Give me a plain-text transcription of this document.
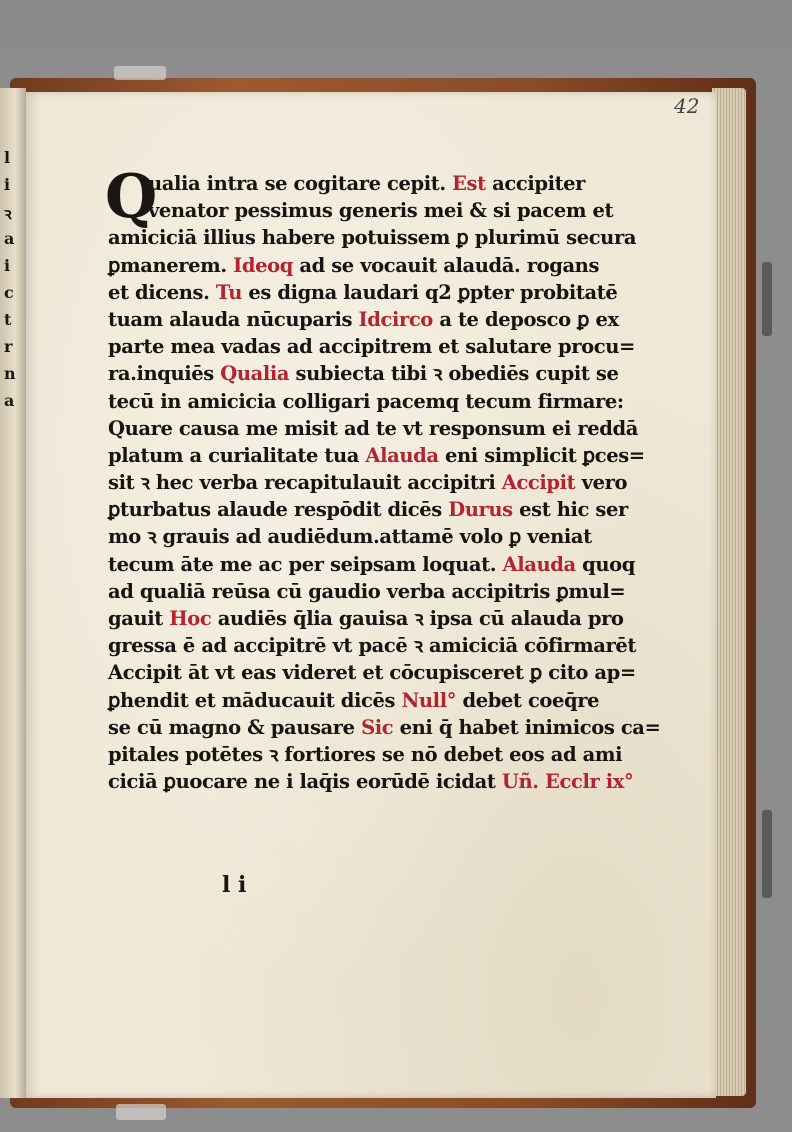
l
i
ꝛ
a
i
c
t
r
n
a
42
Q
ualia intra se cogitare cepit. Est accipiter
venator pessimus generis mei & si pacem et
amiciciā illius habere potuissem ꝑ plurimū secura
ꝑmanerem. Ideoq ad se vocauit alaudā. rogans
et dicens. Tu es digna laudari q2 ꝑpter probitatē
tuam alauda nūcuparis Idcirco a te deposco ꝑ ex
parte mea vadas ad accipitrem et salutare procu=
ra.inquiēs Qualia subiecta tibi ꝛ obediēs cupit se
tecū in amicicia colligari pacemq tecum firmare:
Quare causa me misit ad te vt responsum ei reddā
platum a curialitate tua Alauda eni simplicit ꝑces=
sit ꝛ hec verba recapitulauit accipitri Accipit vero
ꝑturbatus alaude respōdit dicēs Durus est hic ser
mo ꝛ grauis ad audiēdum.attamē volo ꝑ veniat
tecum āte me ac per seipsam loquat. Alauda quoq
ad qualiā reūsa cū gaudio verba accipitris ꝑmul=
gauit Hoc audiēs q̄lia gauisa ꝛ ipsa cū alauda pro
gressa ē ad accipitrē vt pacē ꝛ amiciciā cōfirmarēt
Accipit āt vt eas videret et cōcupisceret ꝑ cito ap=
ꝑhendit et māducauit dicēs Null° debet coeq̄re
se cū magno & pausare Sic eni q̄ habet inimicos ca=
pitales potētes ꝛ fortiores se nō debet eos ad ami
ciciā ꝑuocare ne i laq̄is eorūdē icidat Uñ. Ecclr ix°
l i
